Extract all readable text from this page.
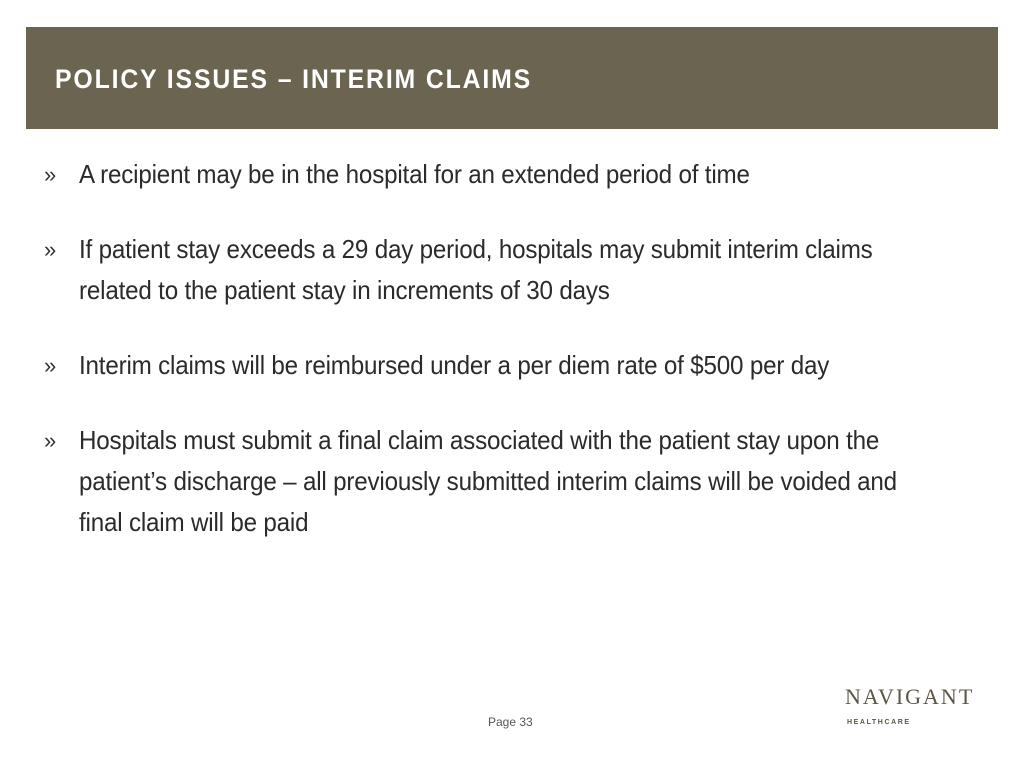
POLICY ISSUES – INTERIM CLAIMS
» A recipient may be in the hospital for an extended period of time
» If patient stay exceeds a 29 day period, hospitals may submit interim claims related to the patient stay in increments of 30 days
» Interim claims will be reimbursed under a per diem rate of $500 per day
» Hospitals must submit a final claim associated with the patient stay upon the patient’s discharge – all previously submitted interim claims will be voided and final claim will be paid
Page 33
NAVIGANT
HEALTHCARE
